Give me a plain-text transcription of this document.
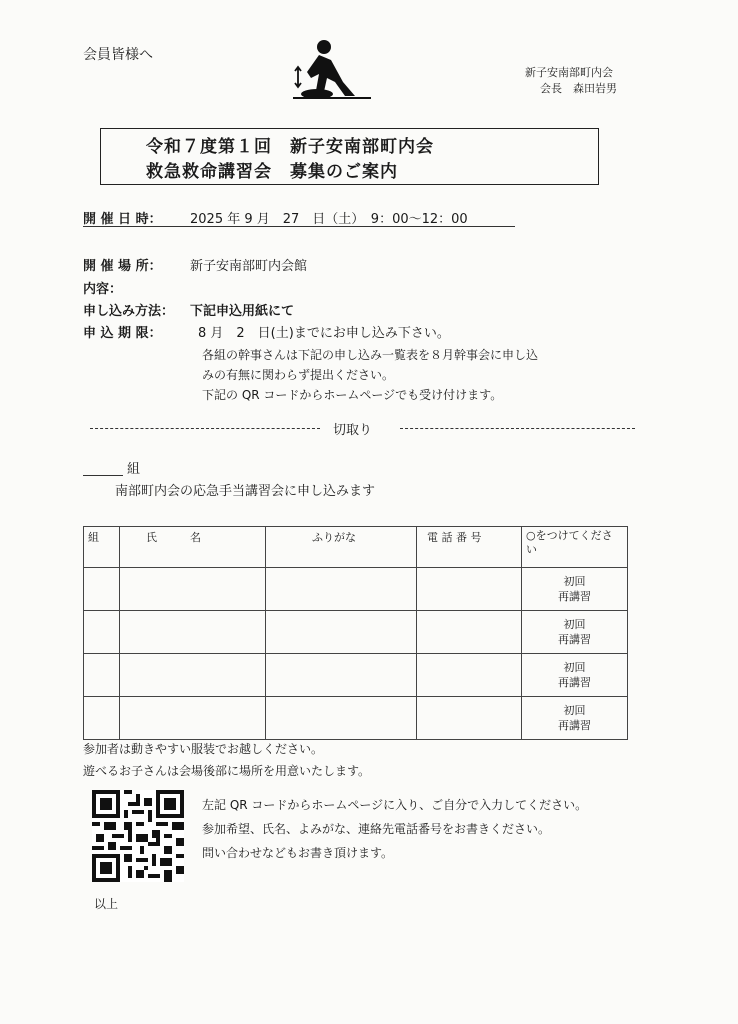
会員皆様へ
新子安南部町内会
会長　森田岩男
令和７度第１回　新子安南部町内会
救急救命講習会　募集のご案内
開 催 日 時： 2025 年 9 月　27　日（土）　9：00～12：00
開 催 場 所： 新子安南部町内会館
内容：
申し込み方法： 下記申込用紙にて
申 込 期 限：	8 月　2　日(土)までにお申し込み下さい。
各組の幹事さんは下記の申し込み一覧表を８月幹事会に申し込
みの有無に関わらず提出ください。
下記の QR コードからホームページでも受け付けます。
切取り
組
南部町内会の応急手当講習会に申し込みます
組	氏　　　名	ふりがな	電 話 番 号	○をつけてください

				初回
再講習

				初回
再講習

				初回
再講習

				初回
再講習
参加者は動きやすい服装でお越しください。
遊べるお子さんは会場後部に場所を用意いたします。
左記 QR コードからホームページに入り、ご自分で入力してください。
参加希望、氏名、よみがな、連絡先電話番号をお書きください。
問い合わせなどもお書き頂けます。
以上
